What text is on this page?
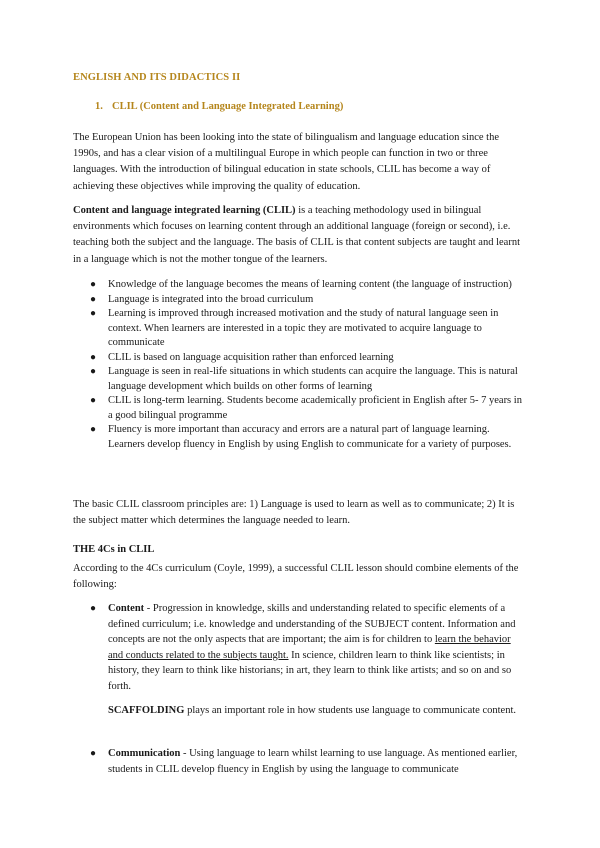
ENGLISH AND ITS DIDACTICS II
1. CLIL (Content and Language Integrated Learning)

The European Union has been looking into the state of bilingualism and language education since the 1990s, and has a clear vision of a multilingual Europe in which people can function in two or three languages. With the introduction of bilingual education in state schools, CLIL has become a way of achieving these objectives while improving the quality of education.

Content and language integrated learning (CLIL) is a teaching methodology used in bilingual environments which focuses on learning content through an additional language (foreign or second), i.e. teaching both the subject and the language. The basis of CLIL is that content subjects are taught and learnt in a language which is not the mother tongue of the learners.

● Knowledge of the language becomes the means of learning content (the language of instruction)
● Language is integrated into the broad curriculum
● Learning is improved through increased motivation and the study of natural language seen in context. When learners are interested in a topic they are motivated to acquire language to communicate
● CLIL is based on language acquisition rather than enforced learning
● Language is seen in real-life situations in which students can acquire the language. This is natural language development which builds on other forms of learning
● CLIL is long-term learning. Students become academically proficient in English after 5- 7 years in a good bilingual programme
● Fluency is more important than accuracy and errors are a natural part of language learning. Learners develop fluency in English by using English to communicate for a variety of purposes.

The basic CLIL classroom principles are: 1) Language is used to learn as well as to communicate; 2) It is the subject matter which determines the language needed to learn.

THE 4Cs in CLIL

According to the 4Cs curriculum (Coyle, 1999), a successful CLIL lesson should combine elements of the following:

● Content - Progression in knowledge, skills and understanding related to specific elements of a defined curriculum; i.e. knowledge and understanding of the SUBJECT content. Information and concepts are not the only aspects that are important; the aim is for children to learn the behavior and conducts related to the subjects taught. In science, children learn to think like scientists; in history, they learn to think like historians; in art, they learn to think like artists; and so on and so forth.

SCAFFOLDING plays an important role in how students use language to communicate content.

● Communication - Using language to learn whilst learning to use language. As mentioned earlier, students in CLIL develop fluency in English by using the language to communicate
